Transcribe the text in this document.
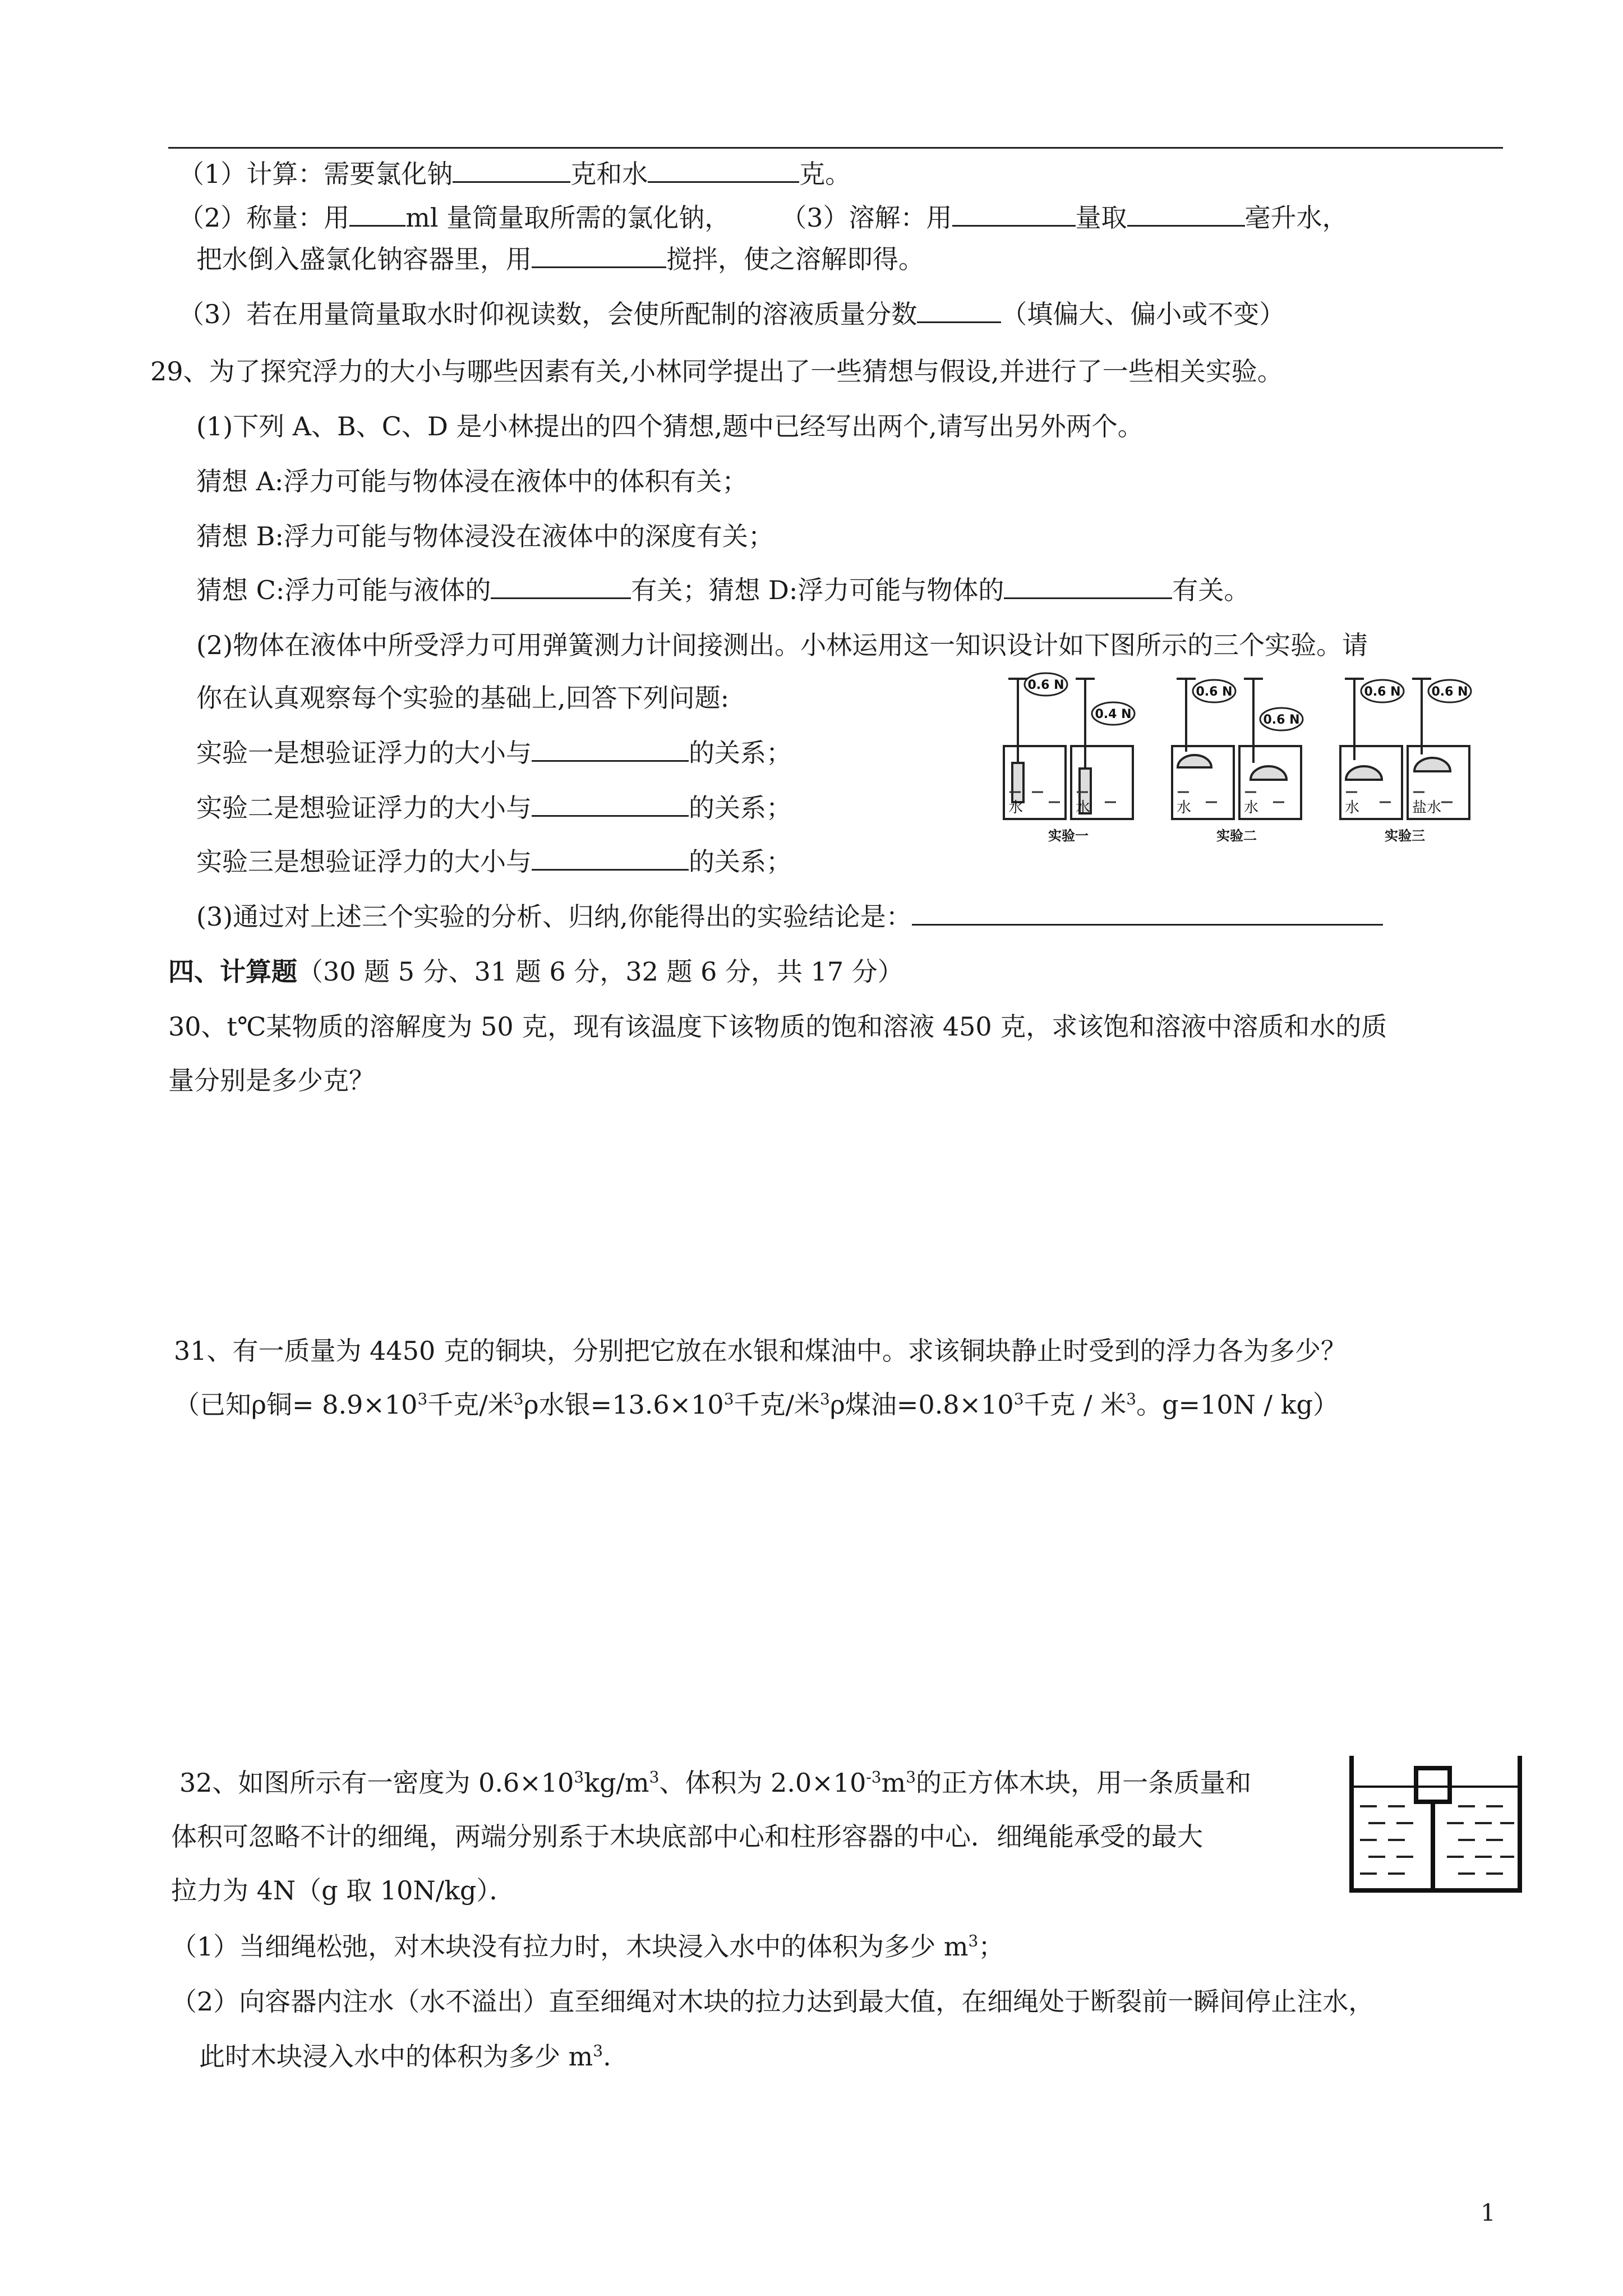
（1）计算：需要氯化钠	克和水	克。
（2）称量：用 ml 量筒量取所需的氯化钠， （3）溶解：用	量取	毫升水，
把水倒入盛氯化钠容器里，用	搅拌，使之溶解即得。
（3）若在用量筒量取水时仰视读数，会使所配制的溶液质量分数	（填偏大、偏小或不变）
29、为了探究浮力的大小与哪些因素有关,小林同学提出了一些猜想与假设,并进行了一些相关实验。
(1)下列 A、B、C、D 是小林提出的四个猜想,题中已经写出两个,请写出另外两个。
猜想 A:浮力可能与物体浸在液体中的体积有关；
猜想 B:浮力可能与物体浸没在液体中的深度有关；
猜想 C:浮力可能与液体的	有关；猜想 D:浮力可能与物体的	有关。
(2)物体在液体中所受浮力可用弹簧测力计间接测出。小林运用这一知识设计如下图所示的三个实验。请
你在认真观察每个实验的基础上,回答下列问题:
实验一是想验证浮力的大小与	的关系；
实验二是想验证浮力的大小与	的关系；
实验三是想验证浮力的大小与	的关系；
(3)通过对上述三个实验的分析、归纳,你能得出的实验结论是：
0.6 N
0.4 N
0.6 N
0.6 N
0.6 N 0.6 N
水	水	水	水	水	盐水
实验一	实验二	实验三
四、计算题（30 题 5 分、31 题 6 分，32 题 6 分，共 17 分）
30、t℃某物质的溶解度为 50 克，现有该温度下该物质的饱和溶液 450 克，求该饱和溶液中溶质和水的质
量分别是多少克？
31、有一质量为 4450 克的铜块，分别把它放在水银和煤油中。求该铜块静止时受到的浮力各为多少？
（已知ρ铜= $8.9\times 10^3$千克/米$^3$ρ水银$=13.6\times 10^3$千克/米$^3$ρ煤油$=0.8\times 10^3$千克 / 米$^3$。g=10N / kg）
32、如图所示有一密度为 $0.6\times 10^3kg/m^3$、体积为 $2.0\times 10^{-3}m^3$的正方体木块，用一条质量和
体积可忽略不计的细绳，两端分别系于木块底部中心和柱形容器的中心．细绳能承受的最大
拉力为 4N（g 取 10N/kg）．
（1）当细绳松弛，对木块没有拉力时，木块浸入水中的体积为多少 $m^3$；
（2）向容器内注水（水不溢出）直至细绳对木块的拉力达到最大值，在细绳处于断裂前一瞬间停止注水，
此时木块浸入水中的体积为多少 $m^3$.
1
